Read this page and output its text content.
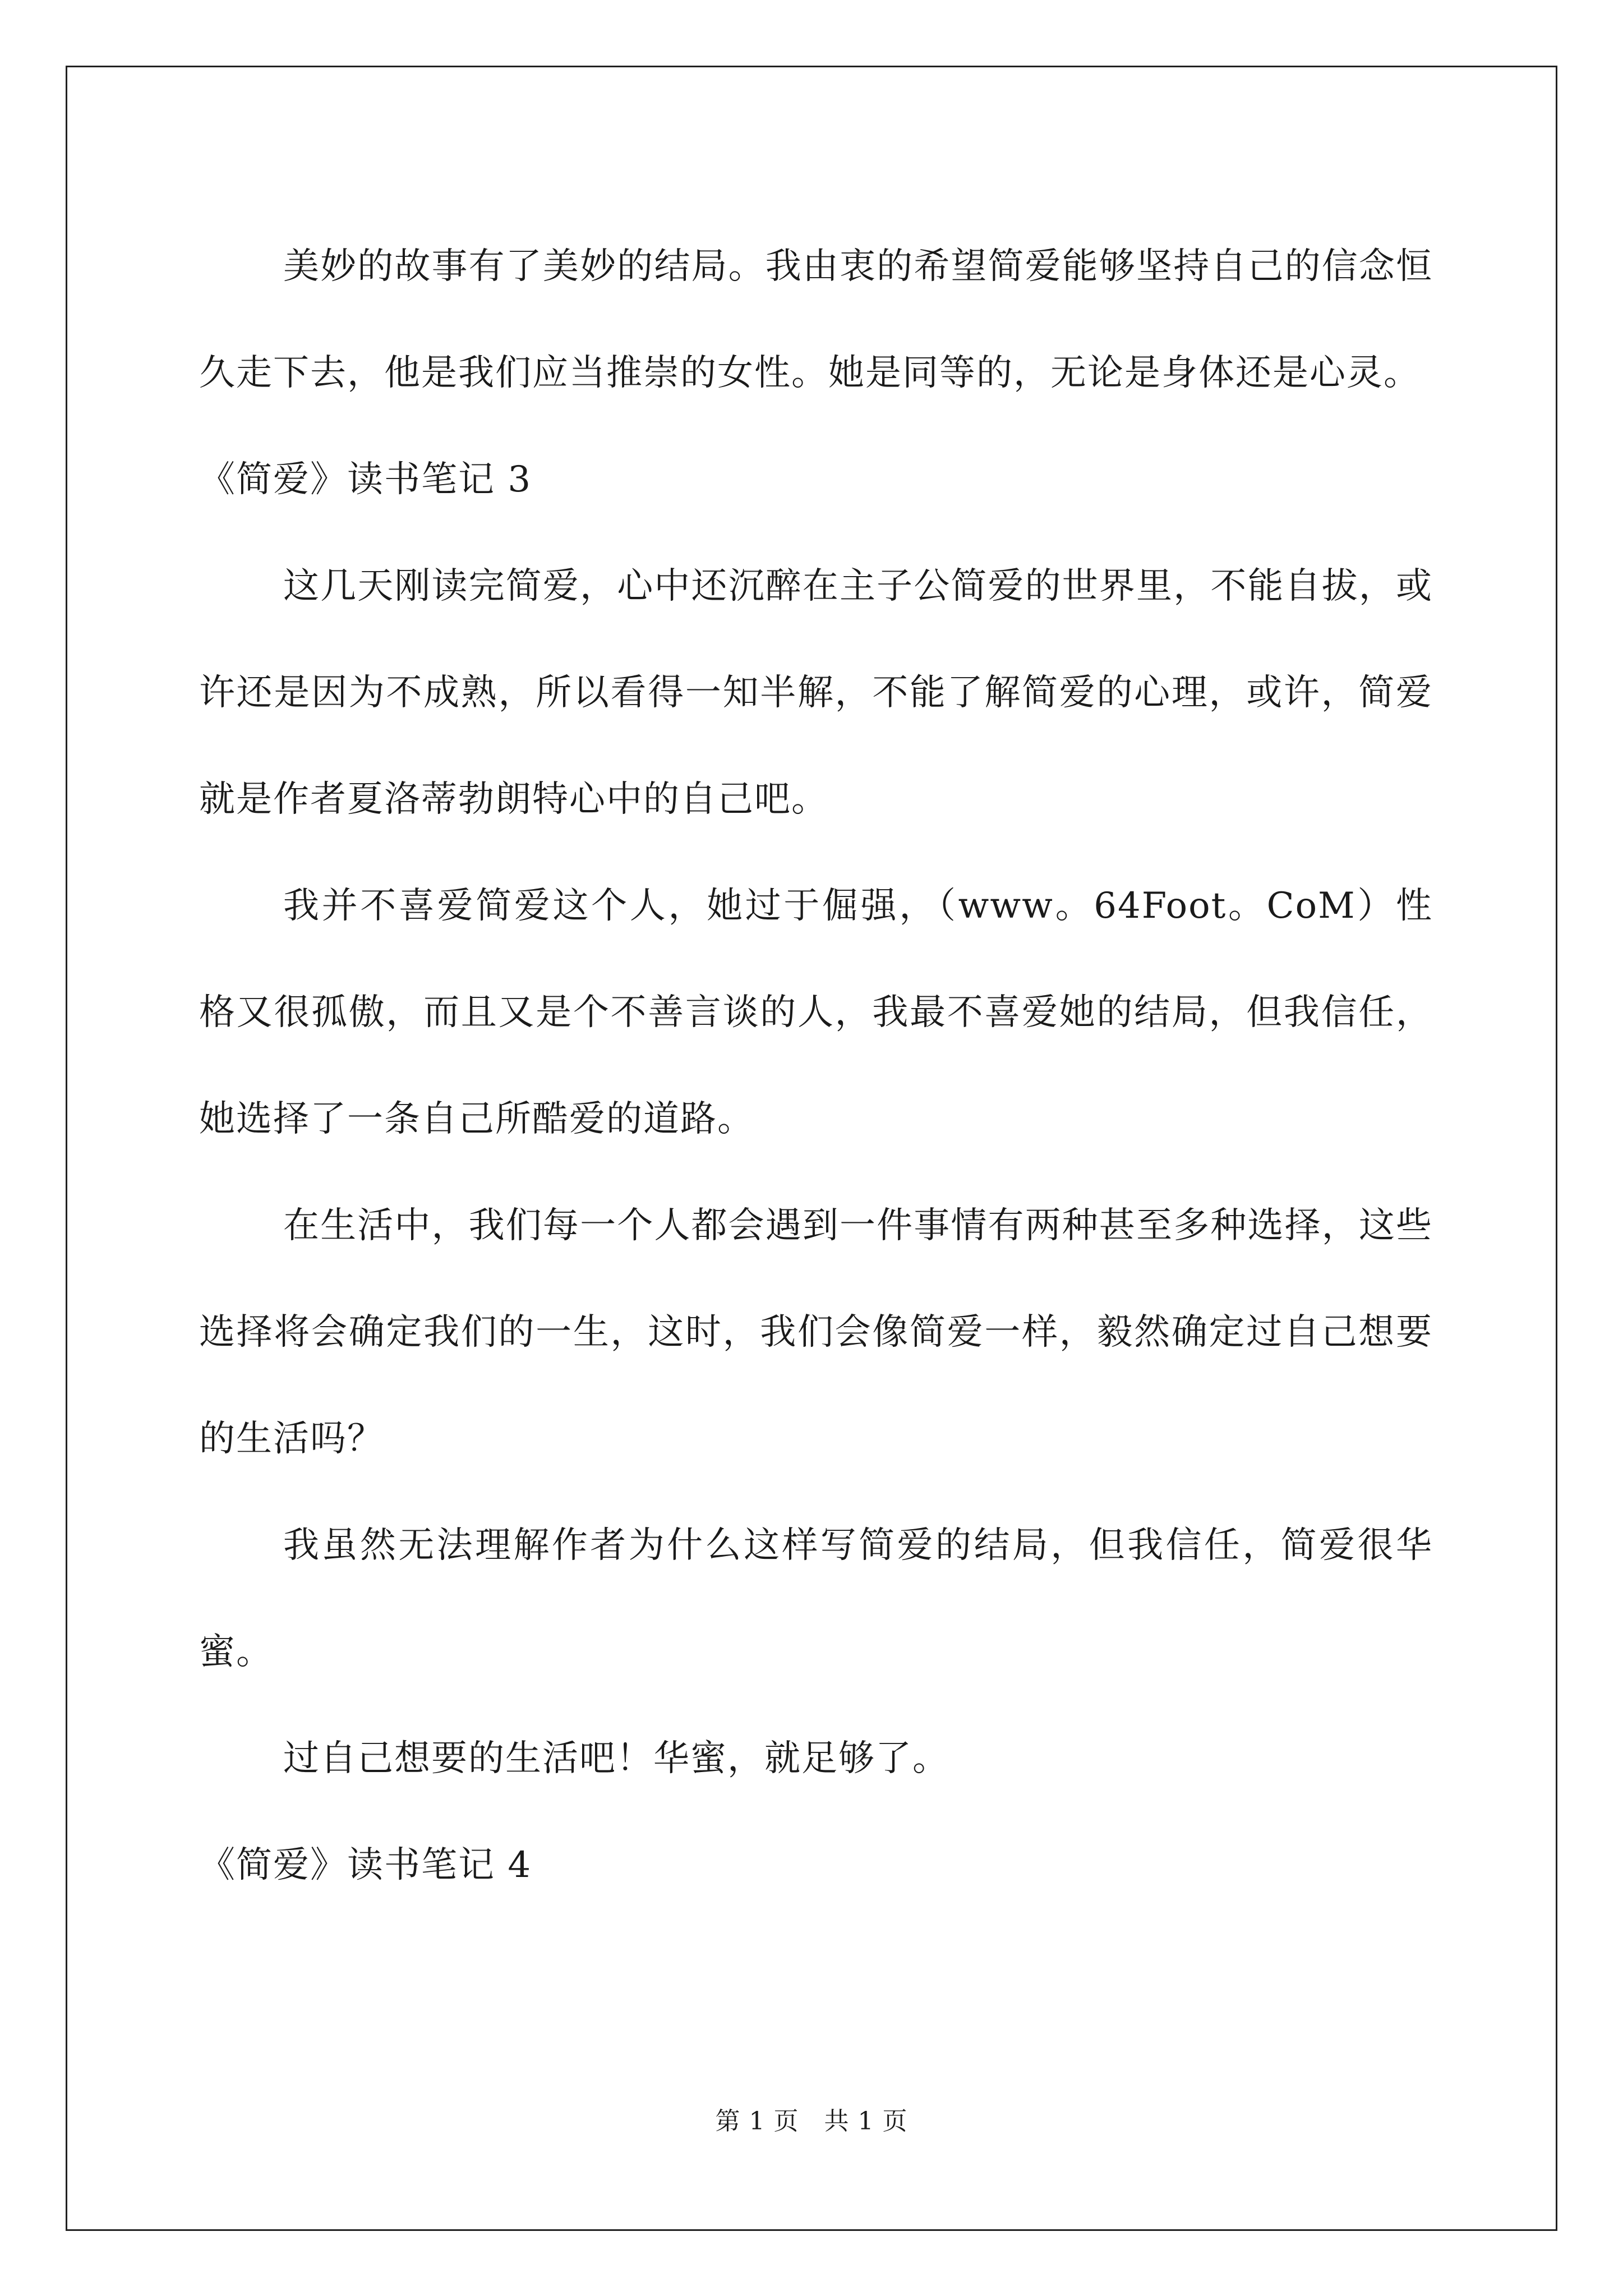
美妙的故事有了美妙的结局。我由衷的希望简爱能够坚持自己的信念恒久走下去，他是我们应当推崇的女性。她是同等的，无论是身体还是心灵。

《简爱》读书笔记 3

这几天刚读完简爱，心中还沉醉在主子公简爱的世界里，不能自拔，或许还是因为不成熟，所以看得一知半解，不能了解简爱的心理，或许，简爱就是作者夏洛蒂勃朗特心中的自己吧。

我并不喜爱简爱这个人，她过于倔强，（www。64Foot。CoM）性格又很孤傲，而且又是个不善言谈的人，我最不喜爱她的结局，但我信任，她选择了一条自己所酷爱的道路。

在生活中，我们每一个人都会遇到一件事情有两种甚至多种选择，这些选择将会确定我们的一生，这时，我们会像简爱一样，毅然确定过自己想要的生活吗？

我虽然无法理解作者为什么这样写简爱的结局，但我信任，简爱很华蜜。

过自己想要的生活吧！华蜜，就足够了。

《简爱》读书笔记 4

第 1 页　共 1 页
